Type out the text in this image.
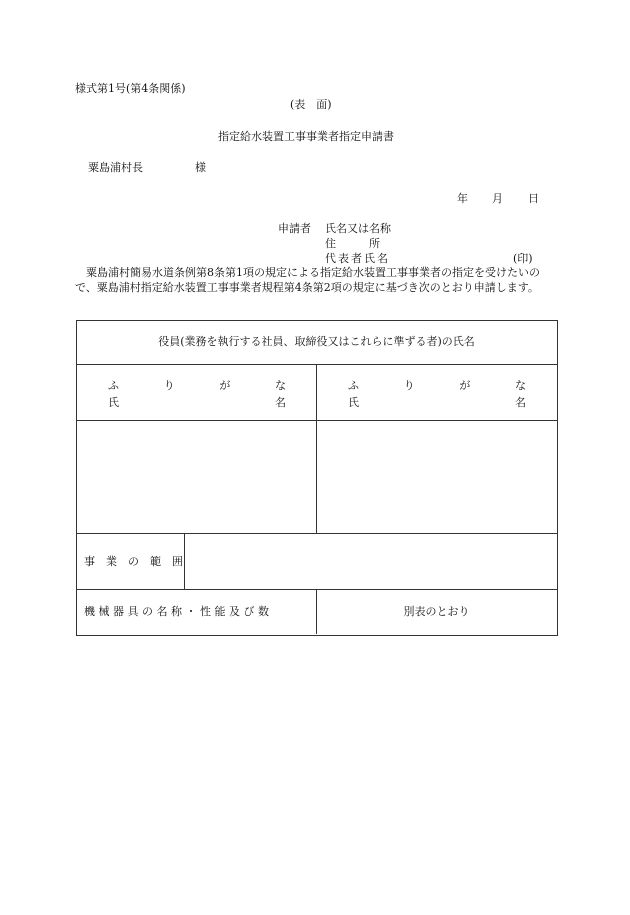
様式第1号(第4条関係)
(表　面)
指定給水装置工事事業者指定申請書
粟島浦村長	様
年 月 日
申請者 氏名又は名称
住　　　所
代表者氏名	(印)
粟島浦村簡易水道条例第8条第1項の規定による指定給水装置工事事業者の指定を受けたいので、粟島浦村指定給水装置工事事業者規程第4条第2項の規定に基づき次のとおり申請します。
役員(業務を執行する社員、取締役又はこれらに準ずる者)の氏名
ふ	り	が	な
氏	名
ふ	り	が	な
氏	名
事　業　の　範　囲
機 械 器 具 の 名 称 ・ 性 能 及 び 数	別表のとおり
